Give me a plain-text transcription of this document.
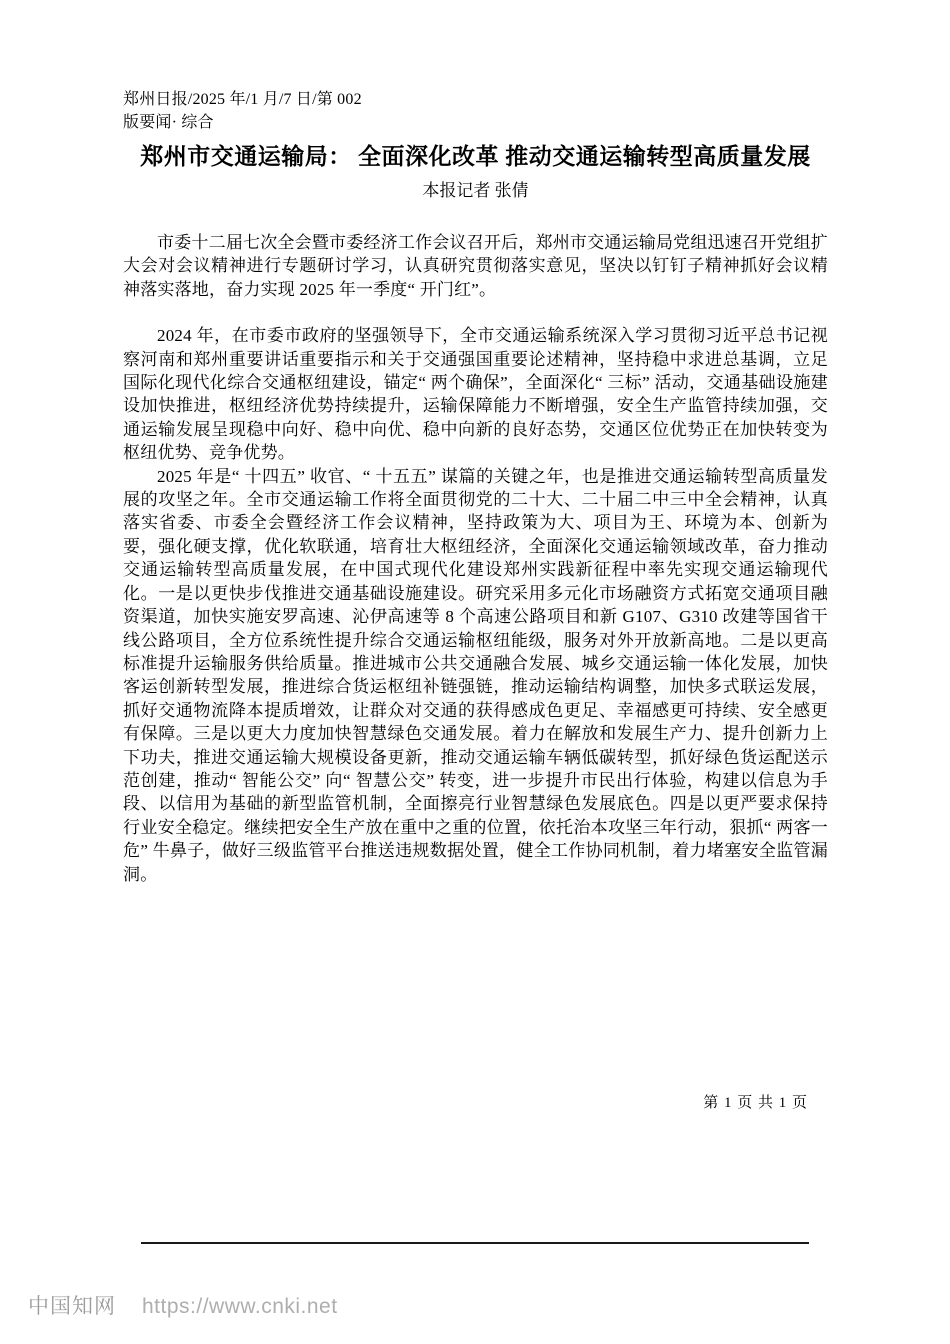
郑州日报/2025 年/1 月/7 日/第 002
版要闻· 综合
郑州市交通运输局： 全面深化改革 推动交通运输转型高质量发展
本报记者 张倩

市委十二届七次全会暨市委经济工作会议召开后，郑州市交通运输局党组迅速召开党组扩大会对会议精神进行专题研讨学习，认真研究贯彻落实意见，坚决以钉钉子精神抓好会议精神落实落地，奋力实现 2025 年一季度“ 开门红”。

2024 年，在市委市政府的坚强领导下，全市交通运输系统深入学习贯彻习近平总书记视察河南和郑州重要讲话重要指示和关于交通强国重要论述精神，坚持稳中求进总基调，立足国际化现代化综合交通枢纽建设，锚定“ 两个确保”，全面深化“ 三标” 活动，交通基础设施建设加快推进，枢纽经济优势持续提升，运输保障能力不断增强，安全生产监管持续加强，交通运输发展呈现稳中向好、稳中向优、稳中向新的良好态势，交通区位优势正在加快转变为枢纽优势、竞争优势。

2025 年是“ 十四五” 收官、“ 十五五” 谋篇的关键之年，也是推进交通运输转型高质量发展的攻坚之年。全市交通运输工作将全面贯彻党的二十大、二十届二中三中全会精神，认真落实省委、市委全会暨经济工作会议精神，坚持政策为大、项目为王、环境为本、创新为要，强化硬支撑，优化软联通，培育壮大枢纽经济，全面深化交通运输领域改革，奋力推动交通运输转型高质量发展，在中国式现代化建设郑州实践新征程中率先实现交通运输现代化。一是以更快步伐推进交通基础设施建设。研究采用多元化市场融资方式拓宽交通项目融资渠道，加快实施安罗高速、沁伊高速等 8 个高速公路项目和新 G107、G310 改建等国省干线公路项目，全方位系统性提升综合交通运输枢纽能级，服务对外开放新高地。二是以更高标准提升运输服务供给质量。推进城市公共交通融合发展、城乡交通运输一体化发展，加快客运创新转型发展，推进综合货运枢纽补链强链，推动运输结构调整，加快多式联运发展，抓好交通物流降本提质增效，让群众对交通的获得感成色更足、幸福感更可持续、安全感更有保障。三是以更大力度加快智慧绿色交通发展。着力在解放和发展生产力、提升创新力上下功夫，推进交通运输大规模设备更新，推动交通运输车辆低碳转型，抓好绿色货运配送示范创建，推动“ 智能公交” 向“ 智慧公交” 转变，进一步提升市民出行体验，构建以信息为手段、以信用为基础的新型监管机制，全面擦亮行业智慧绿色发展底色。四是以更严要求保持行业安全稳定。继续把安全生产放在重中之重的位置，依托治本攻坚三年行动，狠抓“ 两客一危” 牛鼻子，做好三级监管平台推送违规数据处置，健全工作协同机制，着力堵塞安全监管漏洞。

第 1 页 共 1 页
中国知网 https://www.cnki.net
